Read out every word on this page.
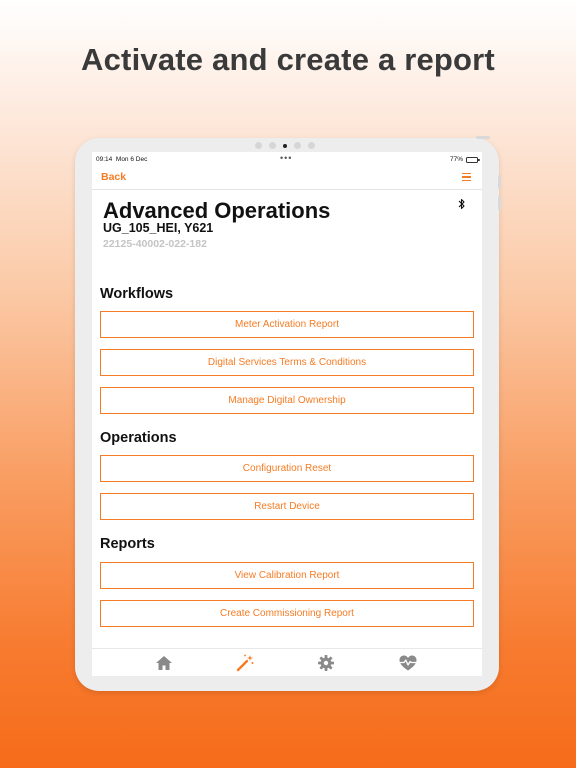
Activate and create a report
09:14 Mon 6 Dec	•••	77%
Back
Advanced Operations
UG_105_HEI, Y621
22125-40002-022-182
Workflows
Meter Activation Report
Digital Services Terms & Conditions
Manage Digital Ownership
Operations
Configuration Reset
Restart Device
Reports
View Calibration Report
Create Commissioning Report
